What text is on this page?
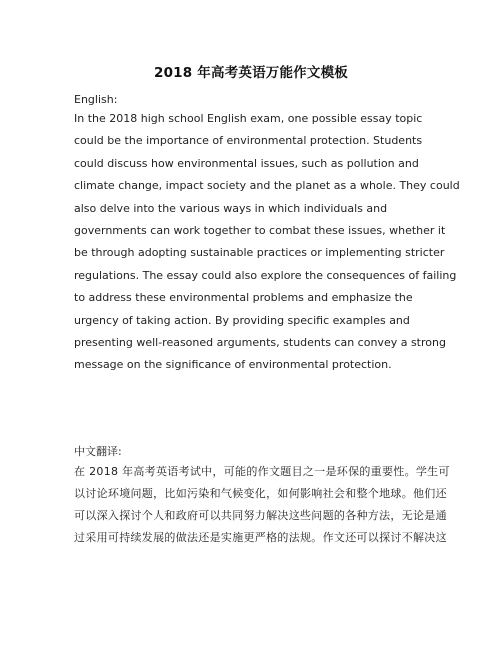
2018 年高考英语万能作文模板

English:

In the 2018 high school English exam, one possible essay topic
could be the importance of environmental protection. Students
could discuss how environmental issues, such as pollution and
climate change, impact society and the planet as a whole. They could
also delve into the various ways in which individuals and
governments can work together to combat these issues, whether it
be through adopting sustainable practices or implementing stricter
regulations. The essay could also explore the consequences of failing
to address these environmental problems and emphasize the
urgency of taking action. By providing specific examples and
presenting well-reasoned arguments, students can convey a strong
message on the significance of environmental protection.

中文翻译:

在 2018 年高考英语考试中，可能的作文题目之一是环保的重要性。学生可
以讨论环境问题，比如污染和气候变化，如何影响社会和整个地球。他们还
可以深入探讨个人和政府可以共同努力解决这些问题的各种方法，无论是通
过采用可持续发展的做法还是实施更严格的法规。作文还可以探讨不解决这
